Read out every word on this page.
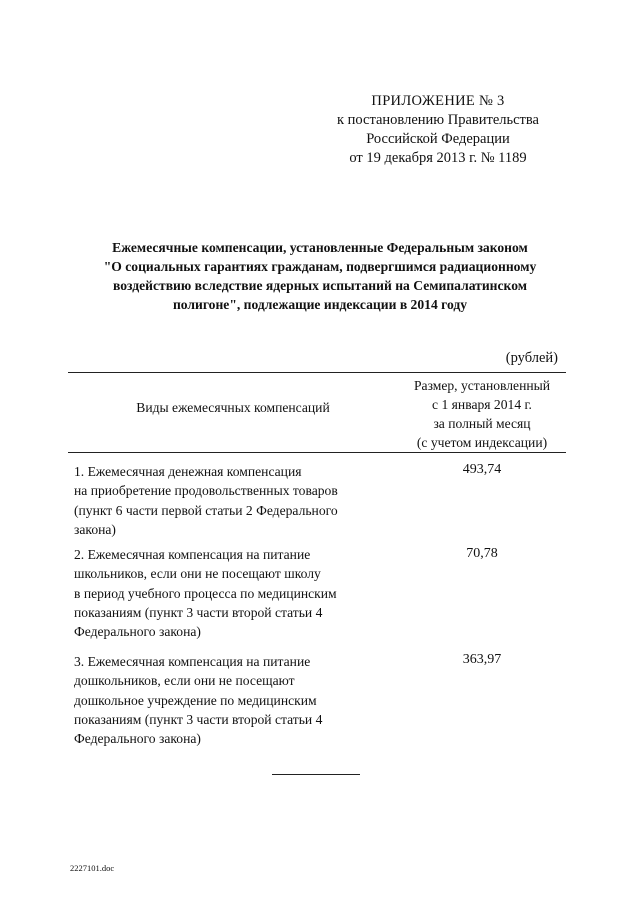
ПРИЛОЖЕНИЕ № 3
к постановлению Правительства
Российской Федерации
от 19 декабря 2013 г. № 1189
Ежемесячные компенсации, установленные Федеральным законом
"О социальных гарантиях гражданам, подвергшимся радиационному
воздействию вследствие ядерных испытаний на Семипалатинском
полигоне", подлежащие индексации в 2014 году
(рублей)
Виды ежемесячных компенсаций
Размер, установленный
с 1 января 2014 г.
за полный месяц
(с учетом индексации)
1. Ежемесячная денежная компенсация
на приобретение продовольственных товаров
(пункт 6 части первой статьи 2 Федерального
закона)
493,74
2. Ежемесячная компенсация на питание
школьников, если они не посещают школу
в период учебного процесса по медицинским
показаниям (пункт 3 части второй статьи 4
Федерального закона)
70,78
3. Ежемесячная компенсация на питание
дошкольников, если они не посещают
дошкольное учреждение по медицинским
показаниям (пункт 3 части второй статьи 4
Федерального закона)
363,97
2227101.doc
